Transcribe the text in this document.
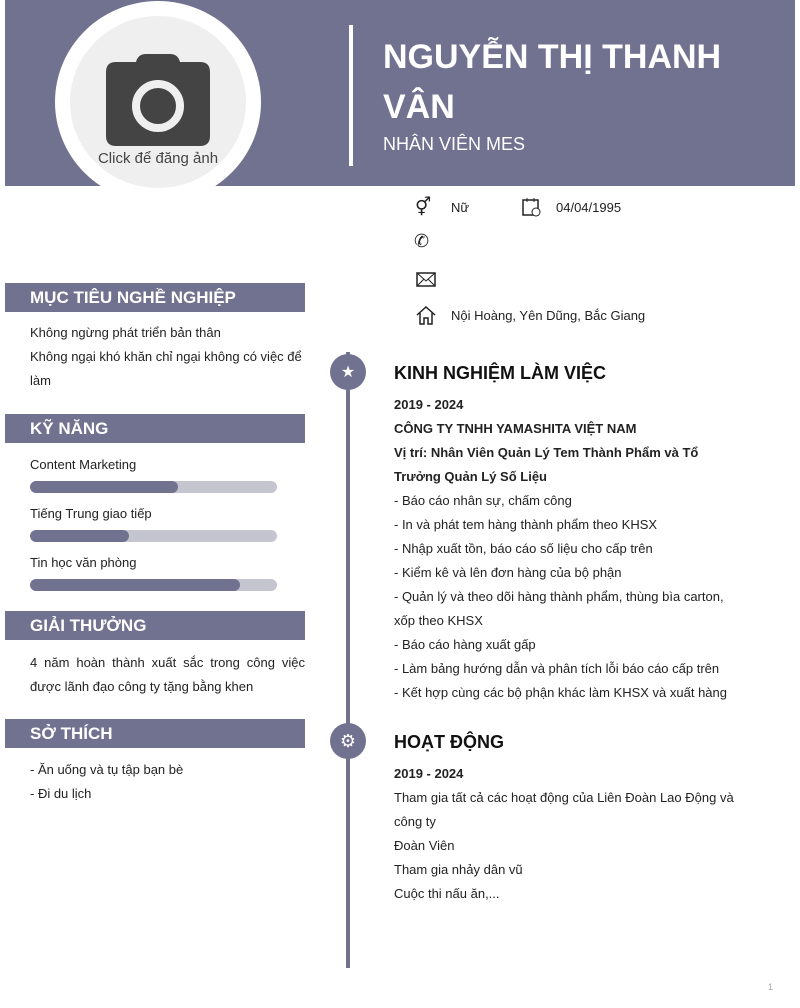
Click để đăng ảnh
NGUYỄN THỊ THANH VÂN
NHÂN VIÊN MES
⚥ Nữ	04/04/1995
✆
Nội Hoàng, Yên Dũng, Bắc Giang
MỤC TIÊU NGHỀ NGHIỆP
Không ngừng phát triển bản thân
Không ngại khó khăn chỉ ngại không có việc để làm
KỸ NĂNG
Content Marketing
Tiếng Trung giao tiếp
Tin học văn phòng
GIẢI THƯỞNG
4 năm hoàn thành xuất sắc trong công việc được lãnh đạo công ty tặng bằng khen
SỞ THÍCH
- Ăn uống và tụ tập bạn bè
- Đi du lịch
★ KINH NGHIỆM LÀM VIỆC
2019 - 2024
CÔNG TY TNHH YAMASHITA VIỆT NAM
Vị trí: Nhân Viên Quản Lý Tem Thành Phẩm và Tổ Trưởng Quản Lý Số Liệu
- Báo cáo nhân sự, chấm công
- In và phát tem hàng thành phẩm theo KHSX
- Nhập xuất tồn, báo cáo số liệu cho cấp trên
- Kiểm kê và lên đơn hàng của bộ phận
- Quản lý và theo dõi hàng thành phẩm, thùng bìa carton, xốp theo KHSX
- Báo cáo hàng xuất gấp
- Làm bảng hướng dẫn và phân tích lỗi báo cáo cấp trên
- Kết hợp cùng các bộ phận khác làm KHSX và xuất hàng
⚙ HOẠT ĐỘNG
2019 - 2024
Tham gia tất cả các hoạt động của Liên Đoàn Lao Động và công ty
Đoàn Viên
Tham gia nhảy dân vũ
Cuộc thi nấu ăn,...
1
